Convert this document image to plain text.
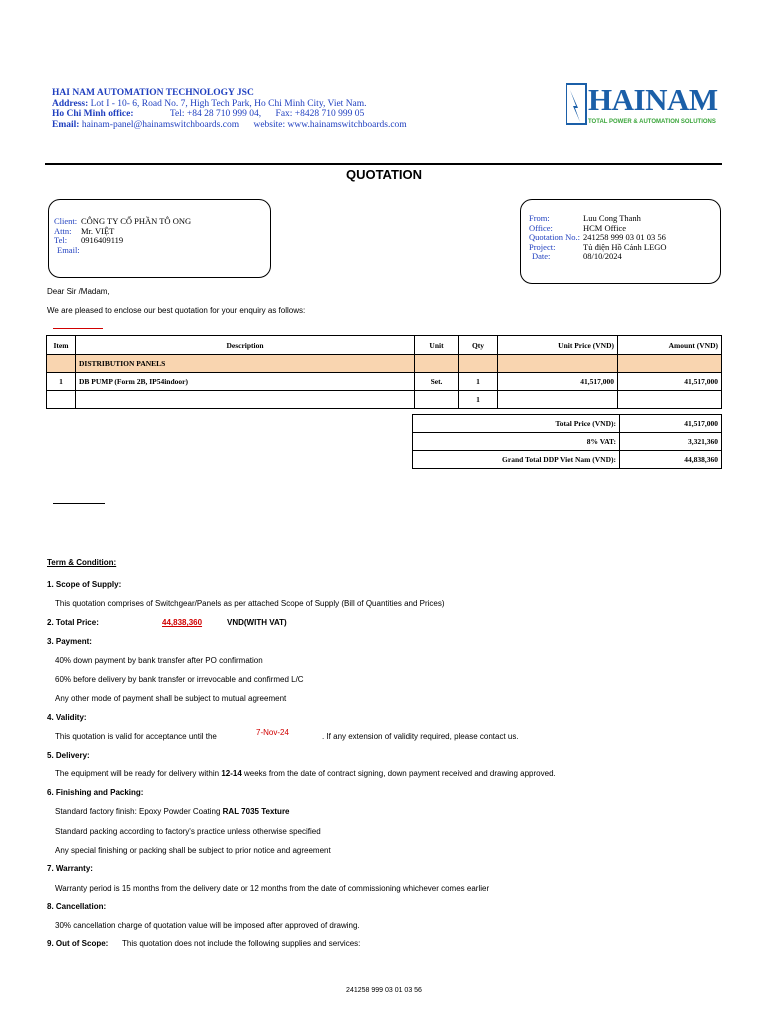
HAI NAM AUTOMATION TECHNOLOGY JSC
Address: Lot I - 10- 6, Road No. 7, High Tech Park, Ho Chi Minh City, Viet Nam.
Ho Chi Minh office:	Tel: +84 28 710 999 04, Fax: +8428 710 999 05
Email: hainam-panel@hainamswitchboards.com website: www.hainamswitchboards.com
HAINAM
TOTAL POWER & AUTOMATION SOLUTIONS
QUOTATION
Client: CÔNG TY CỔ PHẦN TÔ ONG
Attn: Mr. VIỆT
Tel: 0916409119
Email:
From:	Luu Cong Thanh
Office:	HCM Office
Quotation No.: 241258 999 03 01 03 56
Project:	Tủ điện Hồ Cảnh LEGO
Date:	08/10/2024
Dear Sir /Madam,
We are pleased to enclose our best quotation for your enquiry as follows:
Item	Description	Unit	Qty	Unit Price (VND)	Amount (VND)
	DISTRIBUTION PANELS				
1	DB PUMP (Form 2B, IP54indoor)	Set.	1	41,517,000	41,517,000
			1		
Total Price (VND):	41,517,000
8% VAT:	3,321,360
Grand Total DDP Viet Nam (VND):	44,838,360
Term & Condition:
1. Scope of Supply:
This quotation comprises of Switchgear/Panels as per attached Scope of Supply (Bill of Quantities and Prices)
2. Total Price:	44,838,360	VND(WITH VAT)
3. Payment:
40% down payment by bank transfer after PO confirmation
60% before delivery by bank transfer or irrevocable and confirmed L/C
Any other mode of payment shall be subject to mutual agreement
4. Validity:
This quotation is valid for acceptance until the	7-Nov-24	. If any extension of validity required, please contact us.
5. Delivery:
The equipment will be ready for delivery within 12-14 weeks from the date of contract signing, down payment received and drawing approved.
6. Finishing and Packing:
Standard factory finish: Epoxy Powder Coating RAL 7035 Texture
Standard packing according to factory's practice unless otherwise specified
Any special finishing or packing shall be subject to prior notice and agreement
7. Warranty:
Warranty period is 15 months from the delivery date or 12 months from the date of commissioning whichever comes earlier
8. Cancellation:
30% cancellation charge of quotation value will be imposed after approved of drawing.
9. Out of Scope: This quotation does not include the following supplies and services:
241258 999 03 01 03 56
